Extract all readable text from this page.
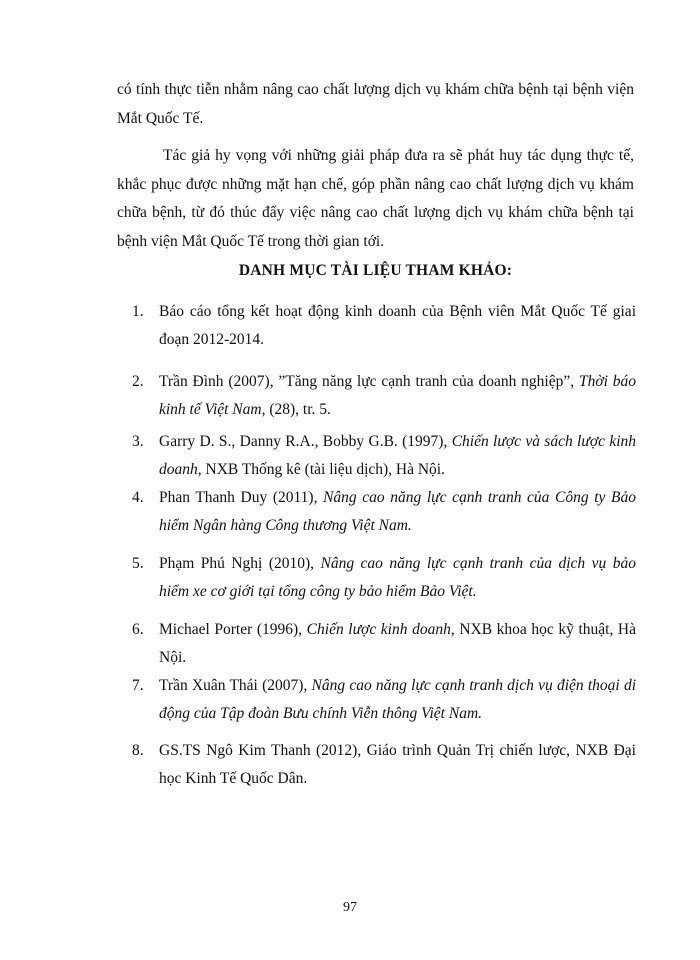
có tính thực tiễn nhằm nâng cao chất lượng dịch vụ khám chữa bệnh tại bệnh viện Mắt Quốc Tế.

Tác giả hy vọng với những giải pháp đưa ra sẽ phát huy tác dụng thực tế, khắc phục được những mặt hạn chế, góp phần nâng cao chất lượng dịch vụ khám chữa bệnh, từ đó thúc đẩy việc nâng cao chất lượng dịch vụ khám chữa bệnh tại bệnh viện Mắt Quốc Tế trong thời gian tới.

DANH MỤC TÀI LIỆU THAM KHẢO:
1. Báo cáo tổng kết hoạt động kinh doanh của Bệnh viên Mắt Quốc Tế giai đoạn 2012-2014.
2. Trần Đình (2007), ”Tăng năng lực cạnh tranh của doanh nghiệp”, Thời báo kinh tế Việt Nam, (28), tr. 5.
3. Garry D. S., Danny R.A., Bobby G.B. (1997), Chiến lược và sách lược kinh doanh, NXB Thống kê (tài liệu dịch), Hà Nội.
4. Phan Thanh Duy (2011), Nâng cao năng lực cạnh tranh của Công ty Bảo hiểm Ngân hàng Công thương Việt Nam.
5. Phạm Phú Nghị (2010), Nâng cao năng lực cạnh tranh của dịch vụ bảo hiểm xe cơ giới tại tổng công ty bảo hiểm Bảo Việt.
6. Michael Porter (1996), Chiến lược kinh doanh, NXB khoa học kỹ thuật, Hà Nội.
7. Trần Xuân Thái (2007), Nâng cao năng lực cạnh tranh dịch vụ điện thoại di động của Tập đoàn Bưu chính Viễn thông Việt Nam.
8. GS.TS Ngô Kim Thanh (2012), Giáo trình Quản Trị chiến lược, NXB Đại học Kinh Tế Quốc Dân.
97
